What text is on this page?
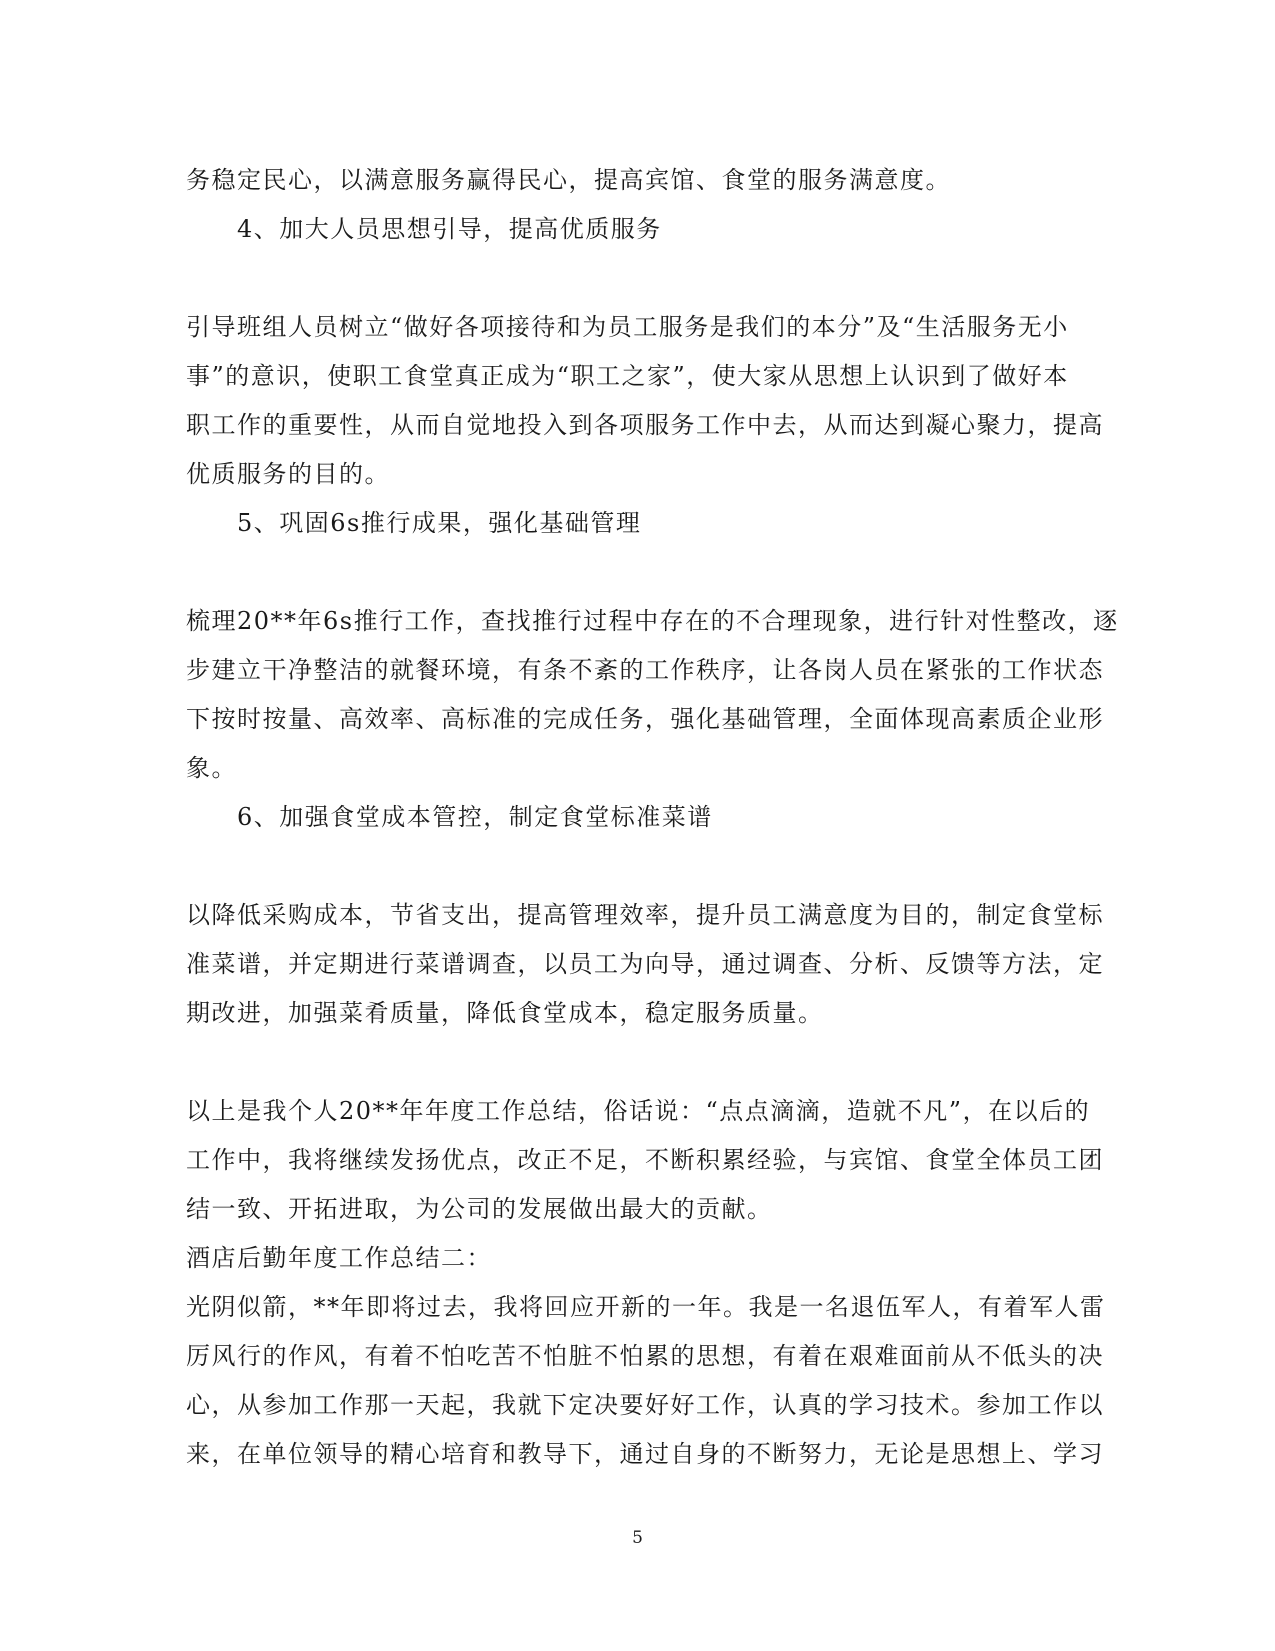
务稳定民心，以满意服务赢得民心，提高宾馆、食堂的服务满意度。
4、加大人员思想引导，提高优质服务
引导班组人员树立“做好各项接待和为员工服务是我们的本分”及“生活服务无小
事”的意识，使职工食堂真正成为“职工之家”，使大家从思想上认识到了做好本
职工作的重要性，从而自觉地投入到各项服务工作中去，从而达到凝心聚力，提高
优质服务的目的。
5、巩固6s推行成果，强化基础管理
梳理20**年6s推行工作，查找推行过程中存在的不合理现象，进行针对性整改，逐
步建立干净整洁的就餐环境，有条不紊的工作秩序，让各岗人员在紧张的工作状态
下按时按量、高效率、高标准的完成任务，强化基础管理，全面体现高素质企业形
象。
6、加强食堂成本管控，制定食堂标准菜谱
以降低采购成本，节省支出，提高管理效率，提升员工满意度为目的，制定食堂标
准菜谱，并定期进行菜谱调查，以员工为向导，通过调查、分析、反馈等方法，定
期改进，加强菜肴质量，降低食堂成本，稳定服务质量。
以上是我个人20**年年度工作总结，俗话说：“点点滴滴，造就不凡”，在以后的
工作中，我将继续发扬优点，改正不足，不断积累经验，与宾馆、食堂全体员工团
结一致、开拓进取，为公司的发展做出最大的贡献。
酒店后勤年度工作总结二：
光阴似箭，**年即将过去，我将回应开新的一年。我是一名退伍军人，有着军人雷
厉风行的作风，有着不怕吃苦不怕脏不怕累的思想，有着在艰难面前从不低头的决
心，从参加工作那一天起，我就下定决要好好工作，认真的学习技术。参加工作以
来，在单位领导的精心培育和教导下，通过自身的不断努力，无论是思想上、学习
5
